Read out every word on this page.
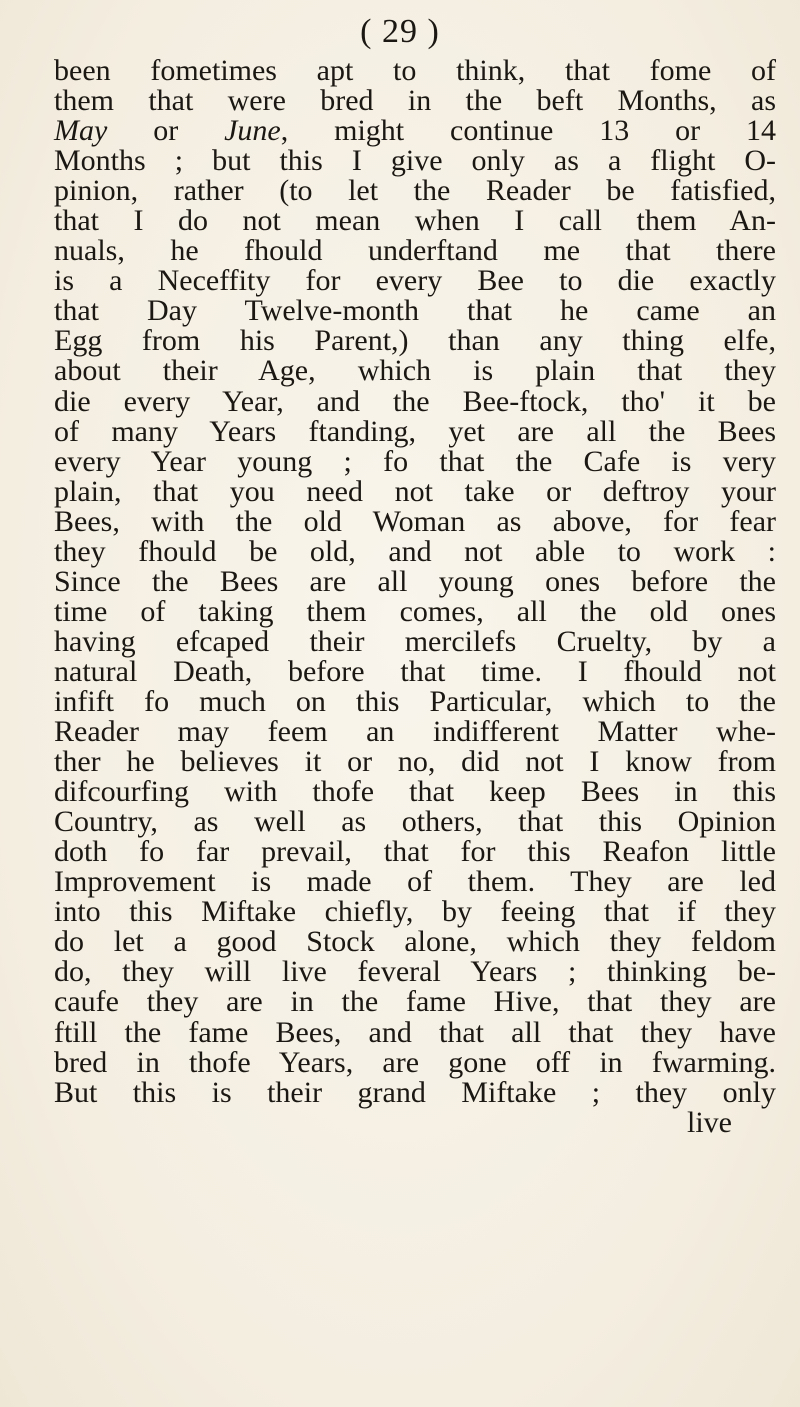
( 29 )
been fometimes apt to think, that fome of
them that were bred in the beft Months, as
May or June, might continue 13 or 14
Months ; but this I give only as a flight O-
pinion, rather (to let the Reader be fatisfied,
that I do not mean when I call them An-
nuals, he fhould underftand me that there
is a Neceffity for every Bee to die exactly
that Day Twelve-month that he came an
Egg from his Parent,) than any thing elfe,
about their Age, which is plain that they
die every Year, and the Bee-ftock, tho' it be
of many Years ftanding, yet are all the Bees
every Year young ; fo that the Cafe is very
plain, that you need not take or deftroy your
Bees, with the old Woman as above, for fear
they fhould be old, and not able to work :
Since the Bees are all young ones before the
time of taking them comes, all the old ones
having efcaped their mercilefs Cruelty, by a
natural Death, before that time. I fhould not
infift fo much on this Particular, which to the
Reader may feem an indifferent Matter whe-
ther he believes it or no, did not I know from
difcourfing with thofe that keep Bees in this
Country, as well as others, that this Opinion
doth fo far prevail, that for this Reafon little
Improvement is made of them. They are led
into this Miftake chiefly, by feeing that if they
do let a good Stock alone, which they feldom
do, they will live feveral Years ; thinking be-
caufe they are in the fame Hive, that they are
ftill the fame Bees, and that all that they have
bred in thofe Years, are gone off in fwarming.
But this is their grand Miftake ; they only
live
